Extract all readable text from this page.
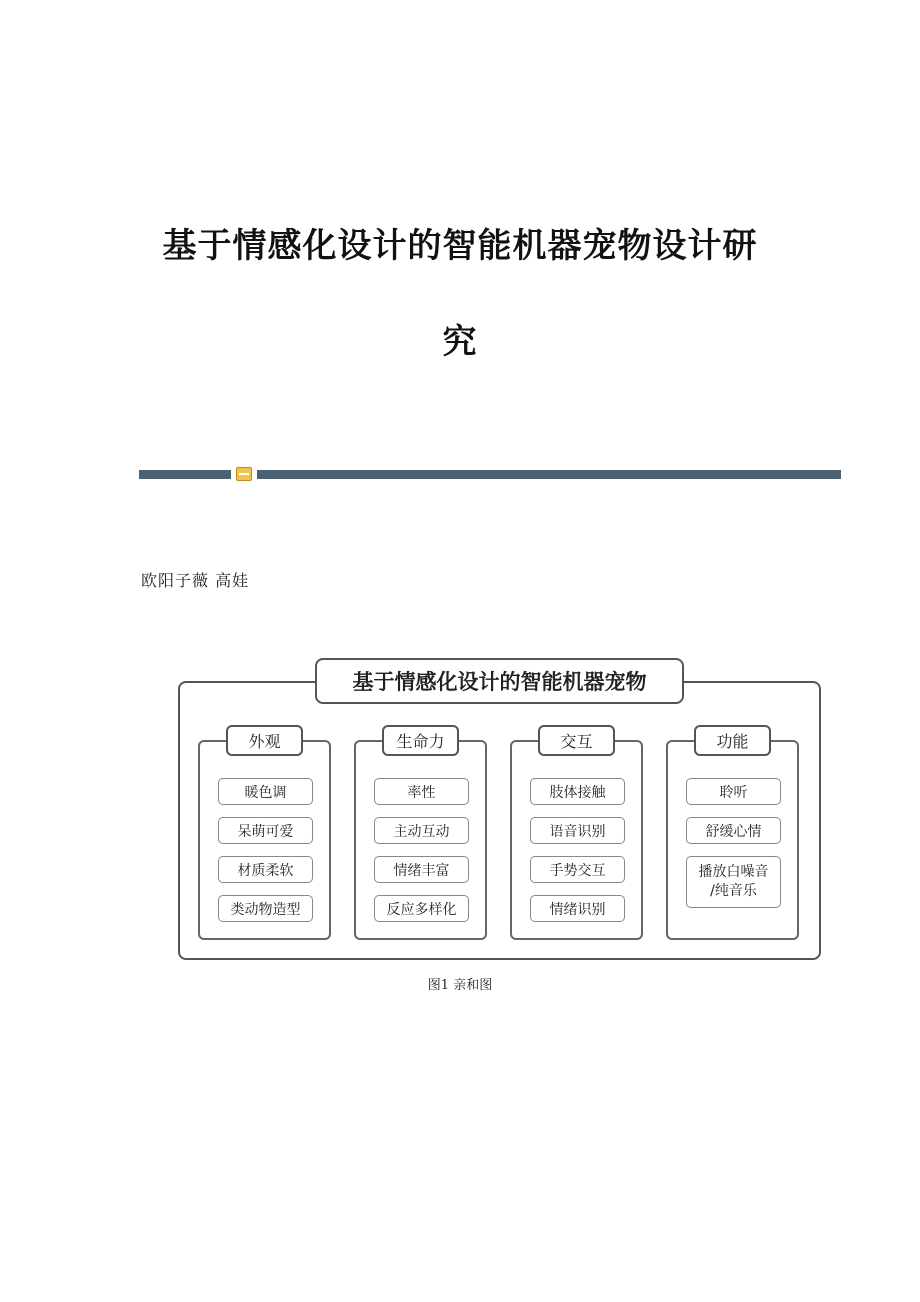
基于情感化设计的智能机器宠物设计研
究
欧阳子薇 高娃
基于情感化设计的智能机器宠物
外观
暖色调
呆萌可爱
材质柔软
类动物造型
生命力
率性
主动互动
情绪丰富
反应多样化
交互
肢体接触
语音识别
手势交互
情绪识别
功能
聆听
舒缓心情
播放白噪音
/纯音乐
图1 亲和图
